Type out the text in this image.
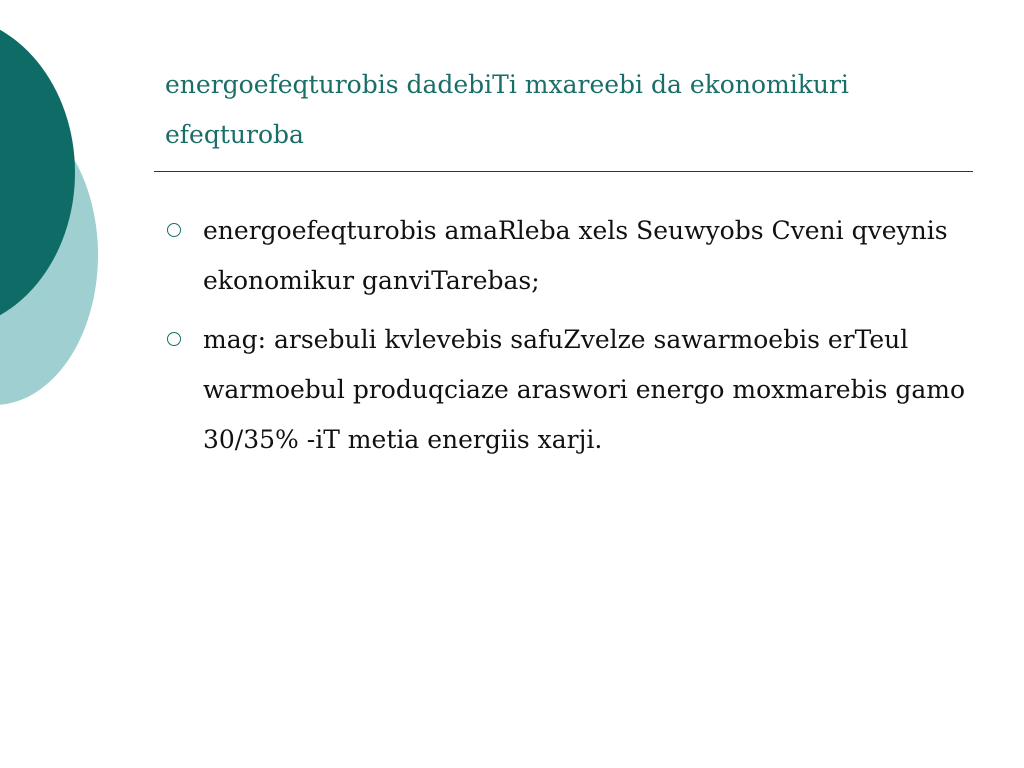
energoefeqturobis dadebiTi mxareebi da ekonomikuri efeqturoba
energoefeqturobis amaRleba xels Seuwyobs Cveni qveynis ekonomikur ganviTarebas;
mag: arsebuli kvlevebis safuZvelze sawarmoebis erTeul warmoebul produqciaze araswori energo moxmarebis gamo 30/35% -iT metia energiis xarji.
